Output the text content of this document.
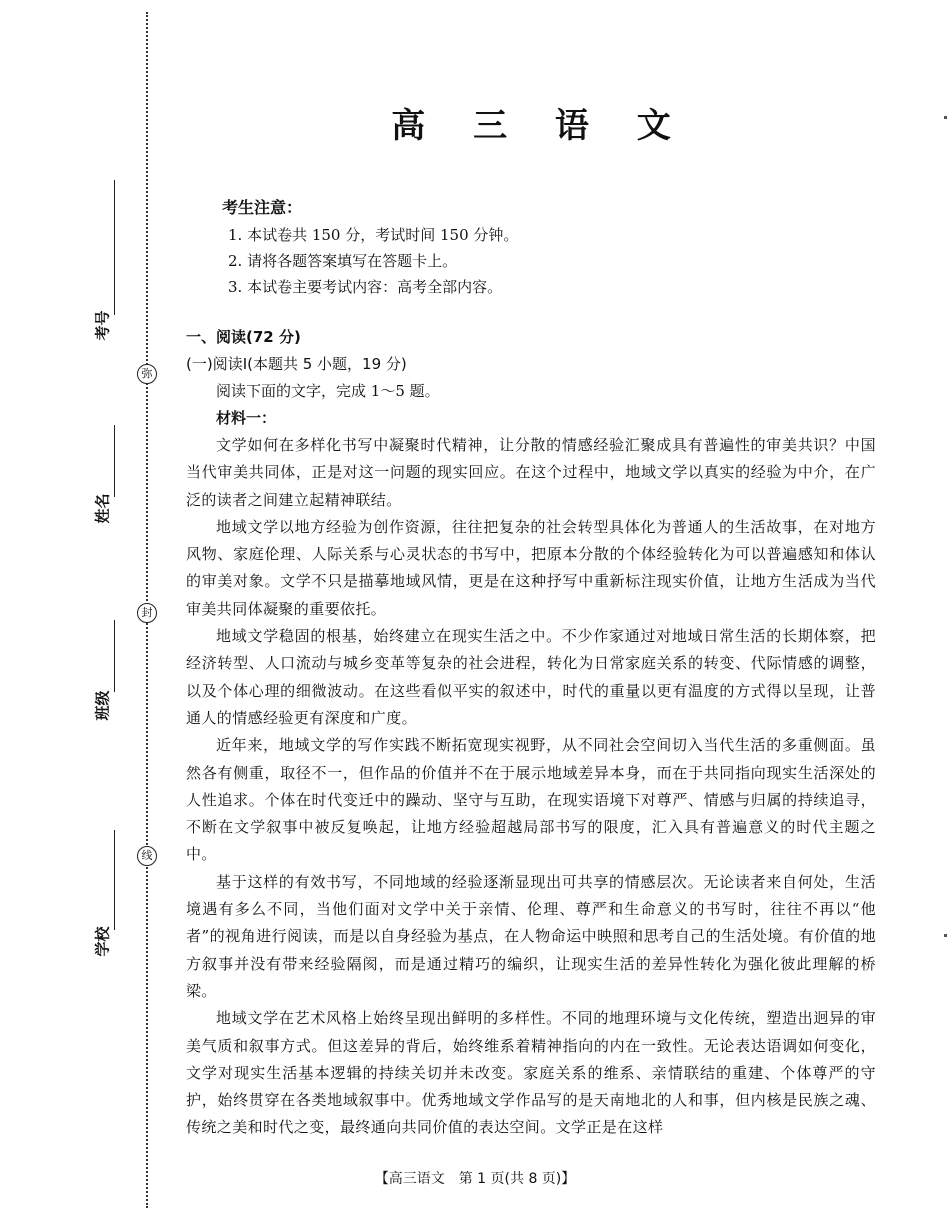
弥
封
线
考号
姓名
班级
学校
高 三 语 文
考生注意：
1. 本试卷共 150 分，考试时间 150 分钟。
2. 请将各题答案填写在答题卡上。
3. 本试卷主要考试内容：高考全部内容。
一、阅读(72 分)
(一)阅读Ⅰ(本题共 5 小题，19 分)
阅读下面的文字，完成 1～5 题。
材料一：

文学如何在多样化书写中凝聚时代精神，让分散的情感经验汇聚成具有普遍性的审美共识？中国当代审美共同体，正是对这一问题的现实回应。在这个过程中，地域文学以真实的经验为中介，在广泛的读者之间建立起精神联结。

地域文学以地方经验为创作资源，往往把复杂的社会转型具体化为普通人的生活故事，在对地方风物、家庭伦理、人际关系与心灵状态的书写中，把原本分散的个体经验转化为可以普遍感知和体认的审美对象。文学不只是描摹地域风情，更是在这种抒写中重新标注现实价值，让地方生活成为当代审美共同体凝聚的重要依托。

地域文学稳固的根基，始终建立在现实生活之中。不少作家通过对地域日常生活的长期体察，把经济转型、人口流动与城乡变革等复杂的社会进程，转化为日常家庭关系的转变、代际情感的调整，以及个体心理的细微波动。在这些看似平实的叙述中，时代的重量以更有温度的方式得以呈现，让普通人的情感经验更有深度和广度。

近年来，地域文学的写作实践不断拓宽现实视野，从不同社会空间切入当代生活的多重侧面。虽然各有侧重，取径不一，但作品的价值并不在于展示地域差异本身，而在于共同指向现实生活深处的人性追求。个体在时代变迁中的躁动、坚守与互助，在现实语境下对尊严、情感与归属的持续追寻，不断在文学叙事中被反复唤起，让地方经验超越局部书写的限度，汇入具有普遍意义的时代主题之中。

基于这样的有效书写，不同地域的经验逐渐显现出可共享的情感层次。无论读者来自何处，生活境遇有多么不同，当他们面对文学中关于亲情、伦理、尊严和生命意义的书写时，往往不再以“他者”的视角进行阅读，而是以自身经验为基点，在人物命运中映照和思考自己的生活处境。有价值的地方叙事并没有带来经验隔阂，而是通过精巧的编织，让现实生活的差异性转化为强化彼此理解的桥梁。

地域文学在艺术风格上始终呈现出鲜明的多样性。不同的地理环境与文化传统，塑造出迥异的审美气质和叙事方式。但这差异的背后，始终维系着精神指向的内在一致性。无论表达语调如何变化，文学对现实生活基本逻辑的持续关切并未改变。家庭关系的维系、亲情联结的重建、个体尊严的守护，始终贯穿在各类地域叙事中。优秀地域文学作品写的是天南地北的人和事，但内核是民族之魂、传统之美和时代之变，最终通向共同价值的表达空间。文学正是在这样

【高三语文　第 1 页(共 8 页)】
